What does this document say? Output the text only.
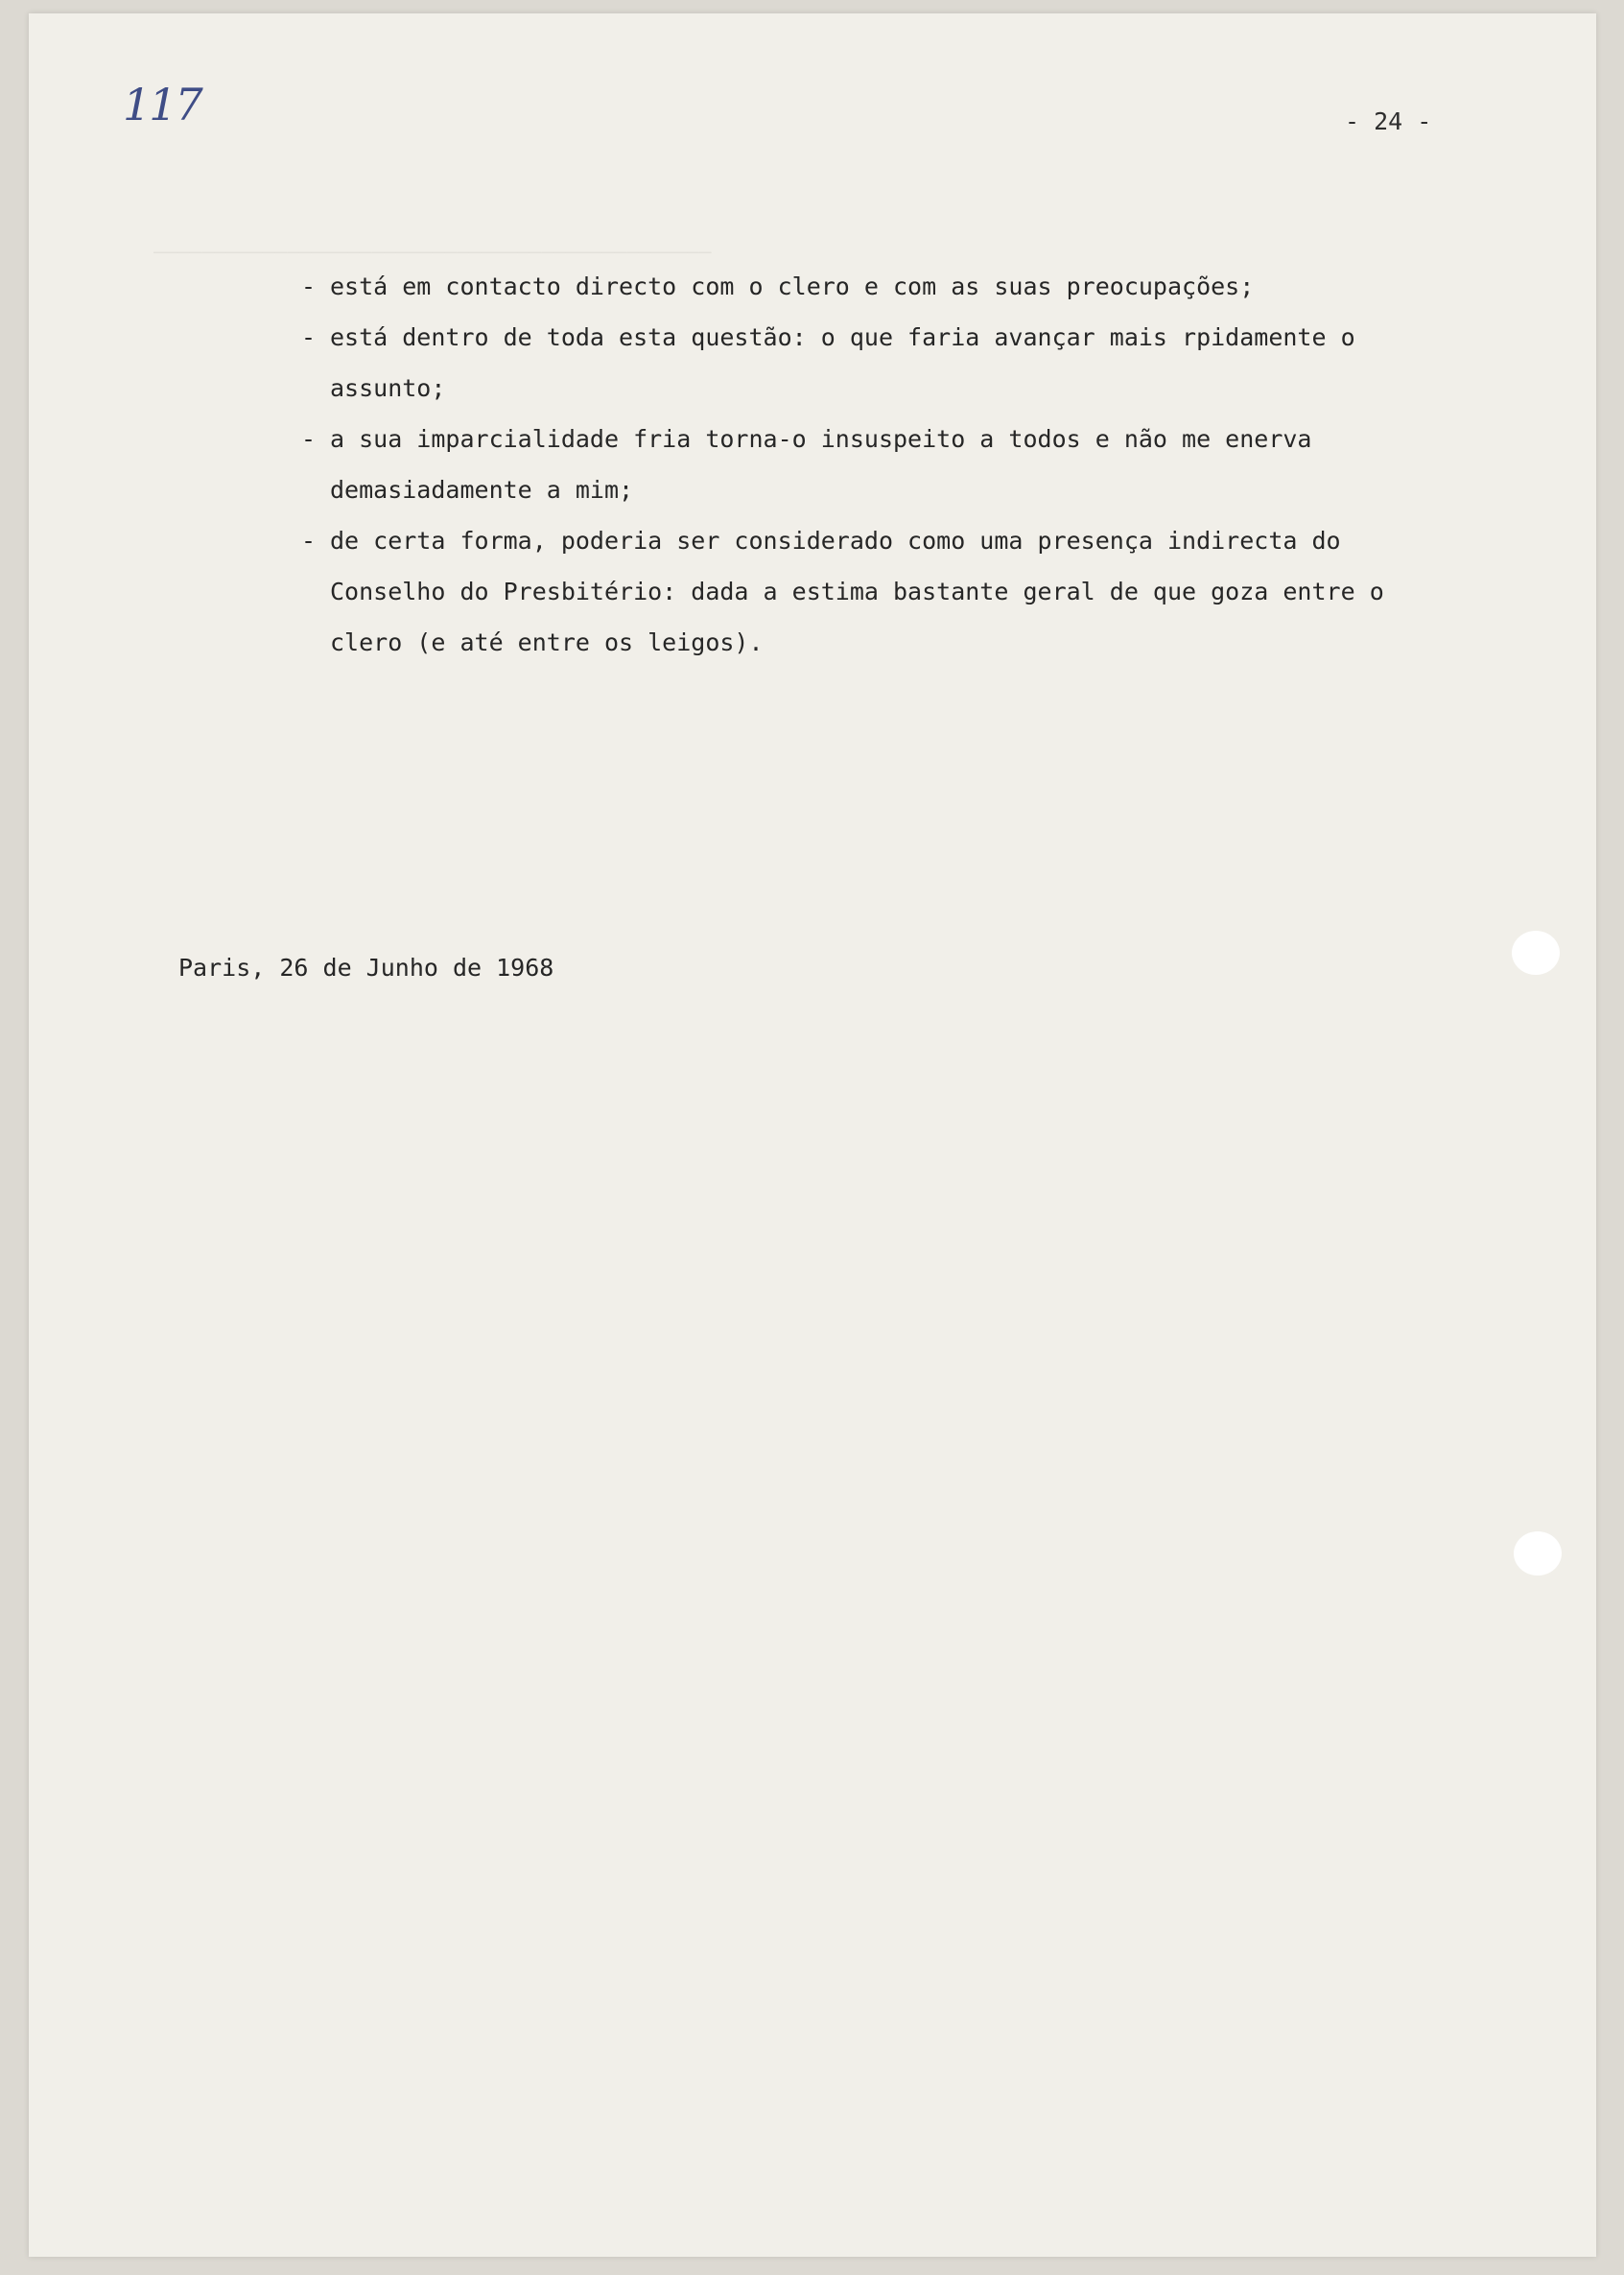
——————————————————————————————————————————————
117	- 24 -
- está em contacto directo com o clero e com as suas preocupações;
- está dentro de toda esta questão: o que faria avançar mais rpidamente o assunto;
- a sua imparcialidade fria torna-o insuspeito a todos e não me enerva demasiadamente a mim;
- de certa forma, poderia ser considerado como uma presença indirecta do Conselho do Presbitério: dada a estima bastante geral de que goza entre o clero (e até entre os leigos).
Paris, 26 de Junho de 1968
